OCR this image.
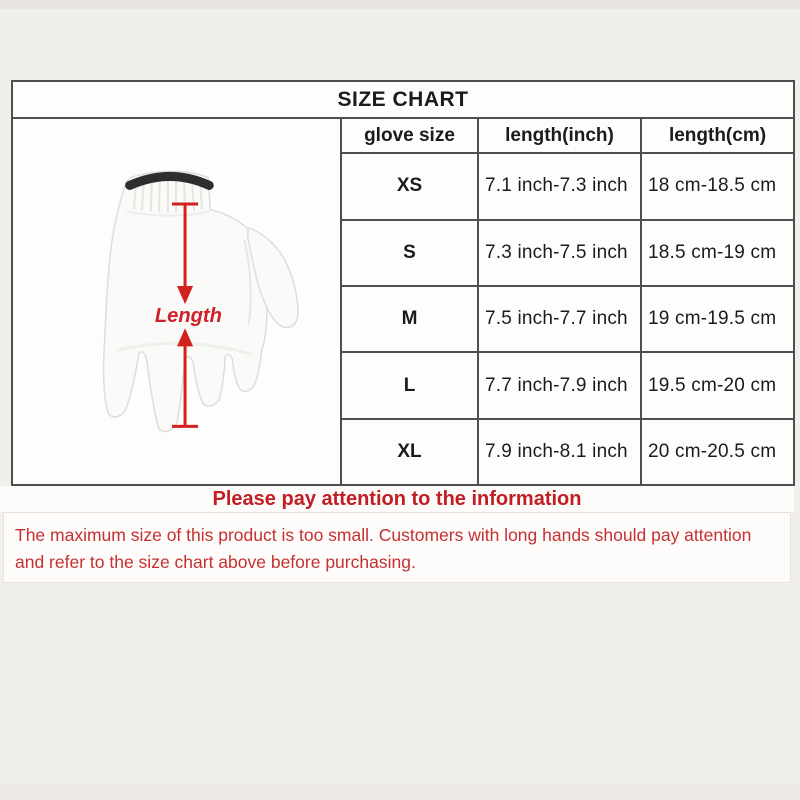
SIZE CHART			

Length	glove size	length(inch)	length(cm)
	XS	7.1 inch-7.3 inch	18 cm-18.5 cm
	S	7.3 inch-7.5 inch	18.5 cm-19 cm
	M	7.5 inch-7.7 inch	19 cm-19.5 cm
	L	7.7 inch-7.9 inch	19.5 cm-20 cm
	XL	7.9 inch-8.1 inch	20 cm-20.5 cm
Please pay attention to the information

The maximum size of this product is too small. Customers with long hands should pay attention and refer to the size chart above before purchasing.
